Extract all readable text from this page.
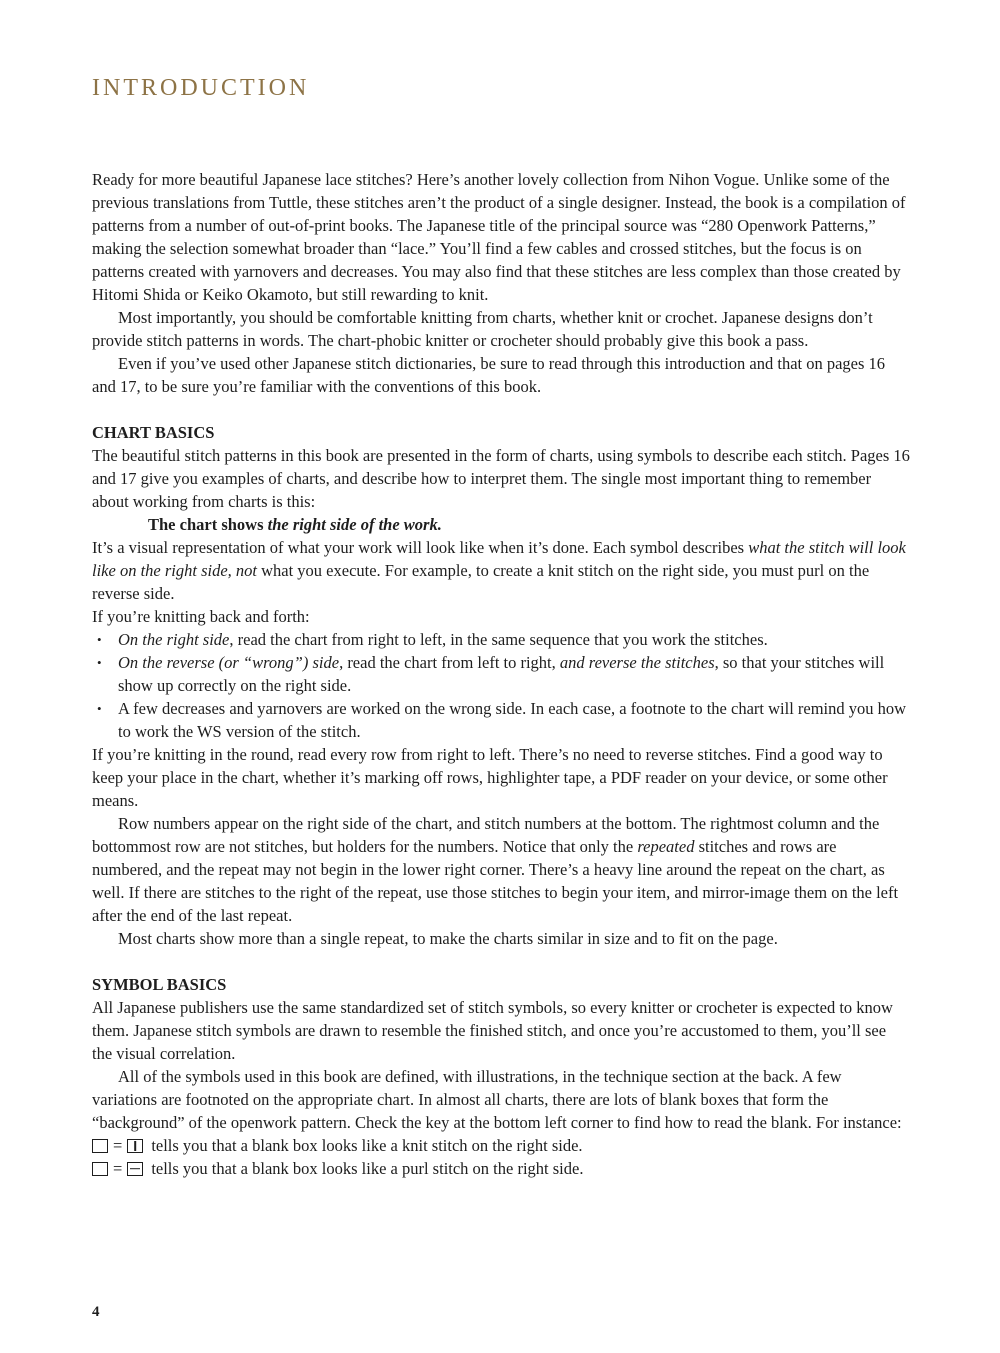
INTRODUCTION

Ready for more beautiful Japanese lace stitches? Here’s another lovely collection from Nihon Vogue. Unlike some of the previous translations from Tuttle, these stitches aren’t the product of a single designer. Instead, the book is a compilation of patterns from a number of out-of-print books. The Japanese title of the principal source was “280 Openwork Patterns,” making the selection somewhat broader than “lace.” You’ll find a few cables and crossed stitches, but the focus is on patterns created with yarnovers and decreases. You may also find that these stitches are less complex than those created by Hitomi Shida or Keiko Okamoto, but still rewarding to knit.

Most importantly, you should be comfortable knitting from charts, whether knit or crochet. Japanese designs don’t provide stitch patterns in words. The chart-phobic knitter or crocheter should probably give this book a pass.

Even if you’ve used other Japanese stitch dictionaries, be sure to read through this introduction and that on pages 16 and 17, to be sure you’re familiar with the conventions of this book.

CHART BASICS

The beautiful stitch patterns in this book are presented in the form of charts, using symbols to describe each stitch. Pages 16 and 17 give you examples of charts, and describe how to interpret them. The single most important thing to remember about working from charts is this:

The chart shows the right side of the work.

It’s a visual representation of what your work will look like when it’s done. Each symbol describes what the stitch will look like on the right side, not what you execute. For example, to create a knit stitch on the right side, you must purl on the reverse side.

If you’re knitting back and forth:

• On the right side, read the chart from right to left, in the same sequence that you work the stitches.
• On the reverse (or “wrong”) side, read the chart from left to right, and reverse the stitches, so that your stitches will show up correctly on the right side.
• A few decreases and yarnovers are worked on the wrong side. In each case, a footnote to the chart will remind you how to work the WS version of the stitch.

If you’re knitting in the round, read every row from right to left. There’s no need to reverse stitches. Find a good way to keep your place in the chart, whether it’s marking off rows, highlighter tape, a PDF reader on your device, or some other means.

Row numbers appear on the right side of the chart, and stitch numbers at the bottom. The rightmost column and the bottommost row are not stitches, but holders for the numbers. Notice that only the repeated stitches and rows are numbered, and the repeat may not begin in the lower right corner. There’s a heavy line around the repeat on the chart, as well. If there are stitches to the right of the repeat, use those stitches to begin your item, and mirror-image them on the left after the end of the last repeat.

Most charts show more than a single repeat, to make the charts similar in size and to fit on the page.

SYMBOL BASICS

All Japanese publishers use the same standardized set of stitch symbols, so every knitter or crocheter is expected to know them. Japanese stitch symbols are drawn to resemble the finished stitch, and once you’re accustomed to them, you’ll see the visual correlation.

All of the symbols used in this book are defined, with illustrations, in the technique section at the back. A few variations are footnoted on the appropriate chart. In almost all charts, there are lots of blank boxes that form the “background” of the openwork pattern. Check the key at the bottom left corner to find how to read the blank. For instance:

= tells you that a blank box looks like a knit stitch on the right side.
= tells you that a blank box looks like a purl stitch on the right side.
4
